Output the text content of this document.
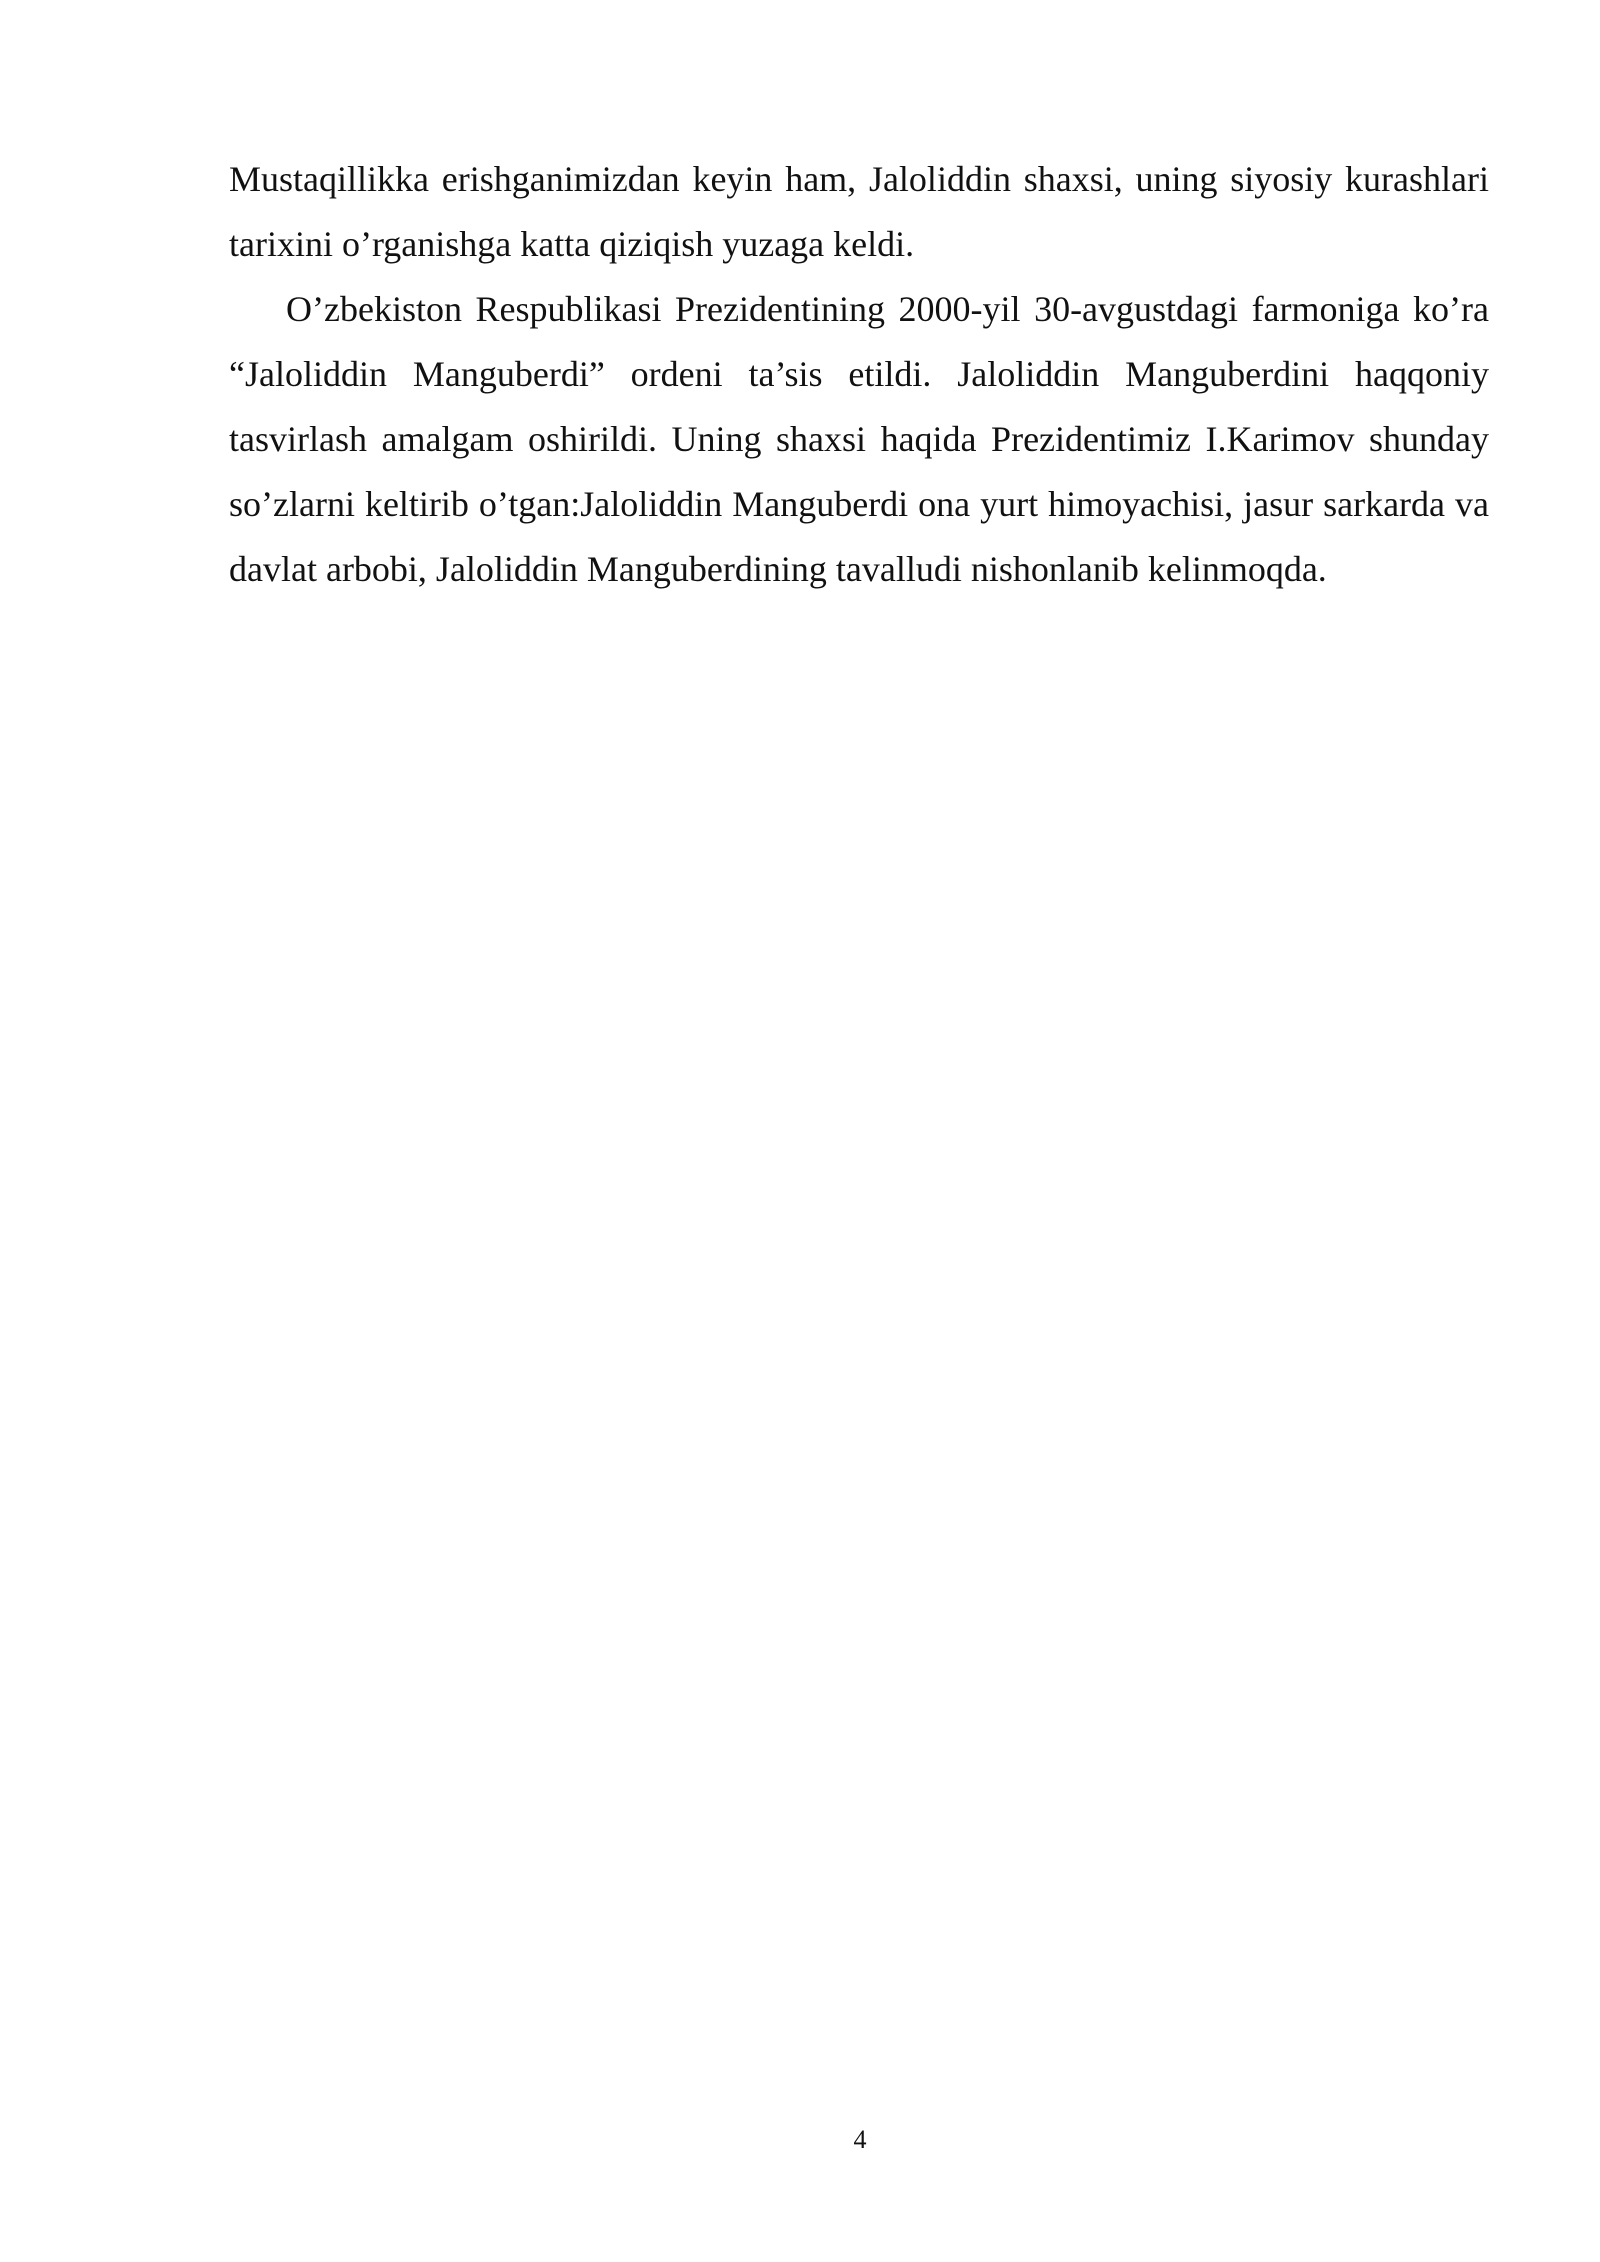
Mustaqillikka erishganimizdan keyin ham, Jaloliddin shaxsi, uning siyosiy kurashlari tarixini o’rganishga katta qiziqish yuzaga keldi.

O’zbekiston Respublikasi Prezidentining 2000-yil 30-avgustdagi farmoniga ko’ra “Jaloliddin Manguberdi” ordeni ta’sis etildi. Jaloliddin Manguberdini haqqoniy tasvirlash amalgam oshirildi. Uning shaxsi haqida Prezidentimiz I.Karimov shunday so’zlarni keltirib o’tgan:Jaloliddin Manguberdi ona yurt himoyachisi, jasur sarkarda va davlat arbobi, Jaloliddin Manguberdining tavalludi nishonlanib kelinmoqda.

4
